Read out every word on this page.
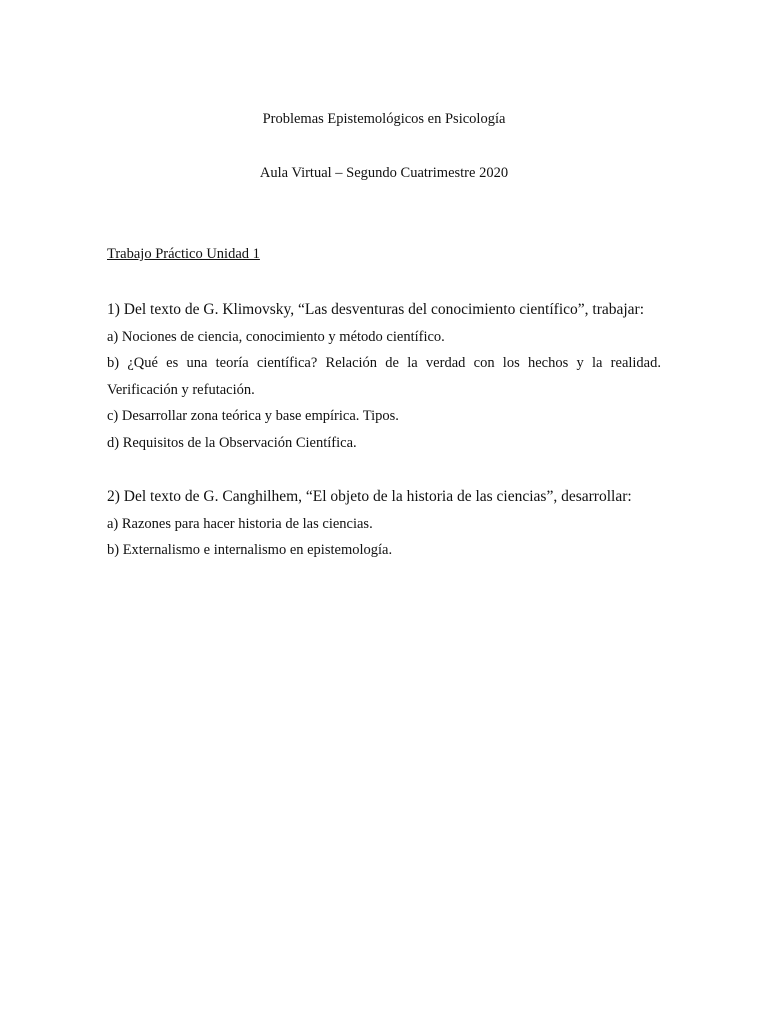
Problemas Epistemológicos en Psicología

Aula Virtual – Segundo Cuatrimestre 2020

Trabajo Práctico Unidad 1

1) Del texto de G. Klimovsky, “Las desventuras del conocimiento científico”, trabajar:

a) Nociones de ciencia, conocimiento y método científico.

b) ¿Qué es una teoría científica? Relación de la verdad con los hechos y la realidad. Verificación y refutación.

c) Desarrollar zona teórica y base empírica. Tipos.

d) Requisitos de la Observación Científica.

2) Del texto de G. Canghilhem, “El objeto de la historia de las ciencias”, desarrollar:

a) Razones para hacer historia de las ciencias.

b) Externalismo e internalismo en epistemología.
